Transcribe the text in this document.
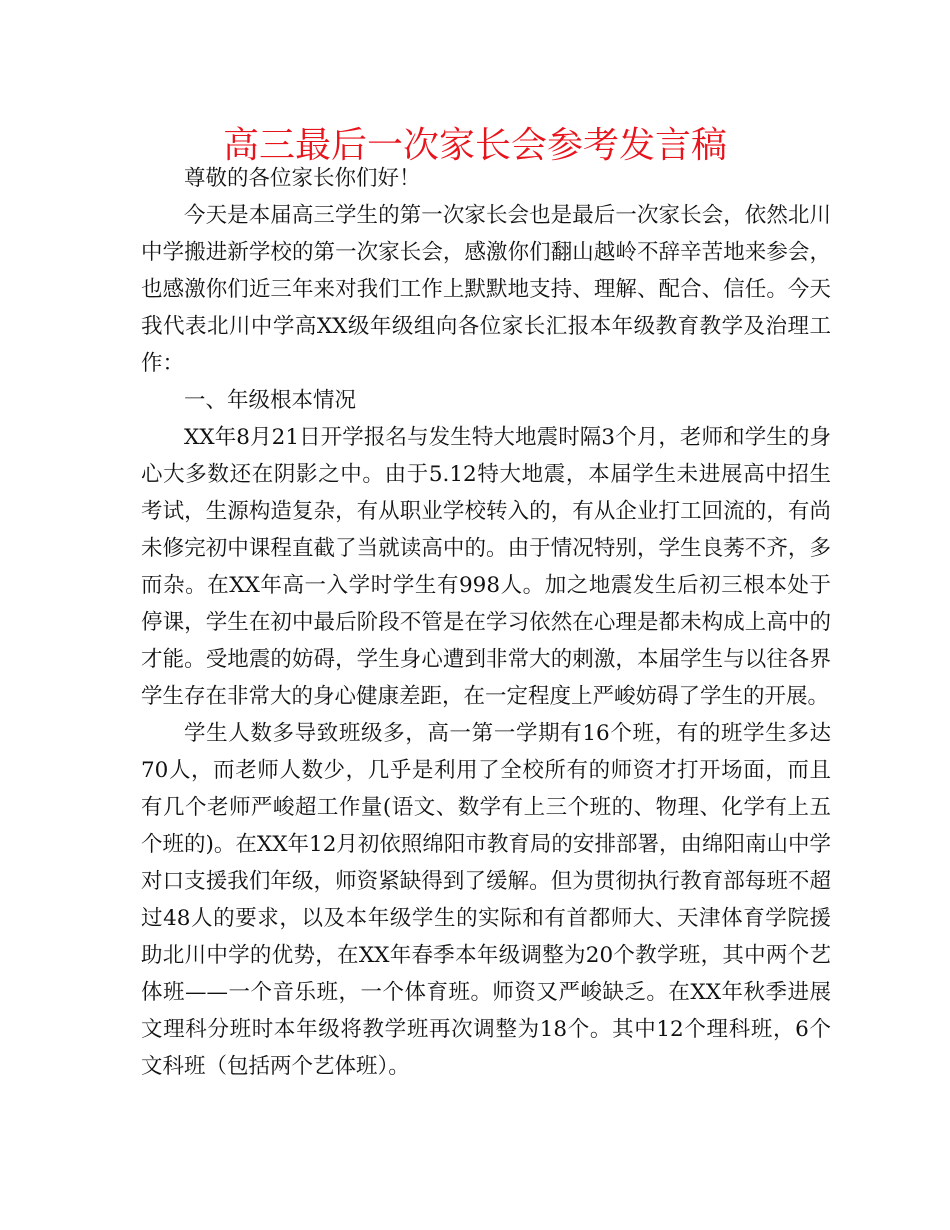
高三最后一次家长会参考发言稿

尊敬的各位家长你们好！

今天是本届高三学生的第一次家长会也是最后一次家长会，依然北川中学搬进新学校的第一次家长会，感激你们翻山越岭不辞辛苦地来参会，也感激你们近三年来对我们工作上默默地支持、理解、配合、信任。今天我代表北川中学高XX级年级组向各位家长汇报本年级教育教学及治理工作：

一、年级根本情况

XX年8月21日开学报名与发生特大地震时隔3个月，老师和学生的身心大多数还在阴影之中。由于5.12特大地震，本届学生未进展高中招生考试，生源构造复杂，有从职业学校转入的，有从企业打工回流的，有尚未修完初中课程直截了当就读高中的。由于情况特别，学生良莠不齐，多而杂。在XX年高一入学时学生有998人。加之地震发生后初三根本处于停课，学生在初中最后阶段不管是在学习依然在心理是都未构成上高中的才能。受地震的妨碍，学生身心遭到非常大的刺激，本届学生与以往各界学生存在非常大的身心健康差距，在一定程度上严峻妨碍了学生的开展。

学生人数多导致班级多，高一第一学期有16个班，有的班学生多达70人，而老师人数少，几乎是利用了全校所有的师资才打开场面，而且有几个老师严峻超工作量(语文、数学有上三个班的、物理、化学有上五个班的)。在XX年12月初依照绵阳市教育局的安排部署，由绵阳南山中学对口支援我们年级，师资紧缺得到了缓解。但为贯彻执行教育部每班不超过48人的要求，以及本年级学生的实际和有首都师大、天津体育学院援助北川中学的优势，在XX年春季本年级调整为20个教学班，其中两个艺体班——一个音乐班，一个体育班。师资又严峻缺乏。在XX年秋季进展文理科分班时本年级将教学班再次调整为18个。其中12个理科班，6个文科班（包括两个艺体班）。
